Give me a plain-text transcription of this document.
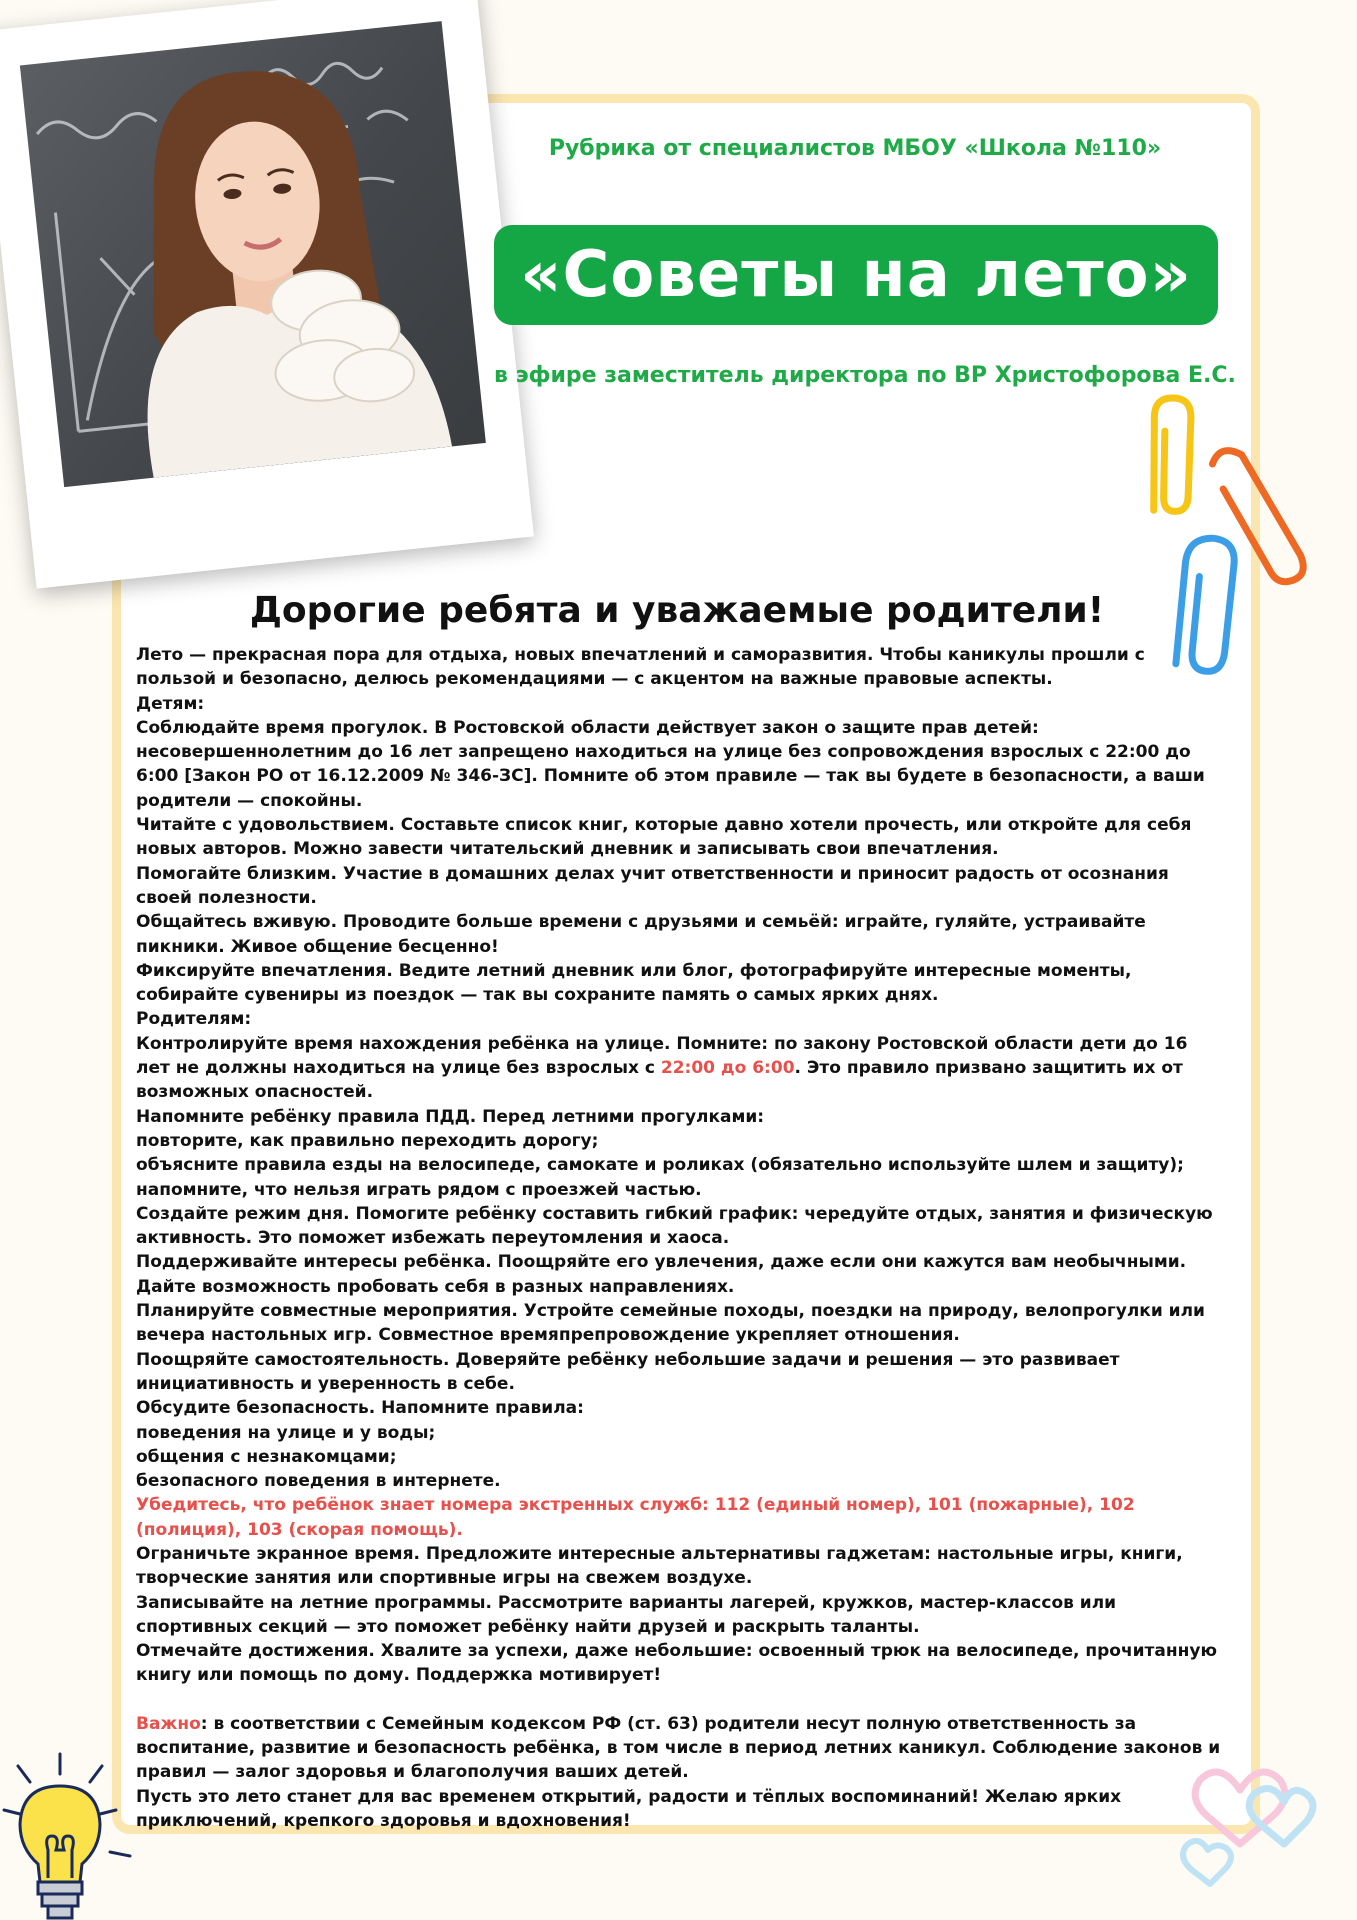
Рубрика от специалистов МБОУ «Школа №110»
«Советы на лето»
в эфире заместитель директора по ВР Христофорова Е.С.
Дорогие ребята и уважаемые родители!
Лето — прекрасная пора для отдыха, новых впечатлений и саморазвития. Чтобы каникулы прошли с пользой и безопасно, делюсь рекомендациями — с акцентом на важные правовые аспекты.
Детям:
Соблюдайте время прогулок. В Ростовской области действует закон о защите прав детей: несовершеннолетним до 16 лет запрещено находиться на улице без сопровождения взрослых с 22:00 до 6:00 [Закон РО от 16.12.2009 № 346-ЗС]. Помните об этом правиле — так вы будете в безопасности, а ваши родители — спокойны.
Читайте с удовольствием. Составьте список книг, которые давно хотели прочесть, или откройте для себя новых авторов. Можно завести читательский дневник и записывать свои впечатления.
Помогайте близким. Участие в домашних делах учит ответственности и приносит радость от осознания своей полезности.
Общайтесь вживую. Проводите больше времени с друзьями и семьёй: играйте, гуляйте, устраивайте пикники. Живое общение бесценно!
Фиксируйте впечатления. Ведите летний дневник или блог, фотографируйте интересные моменты, собирайте сувениры из поездок — так вы сохраните память о самых ярких днях.
Родителям:
Контролируйте время нахождения ребёнка на улице. Помните: по закону Ростовской области дети до 16 лет не должны находиться на улице без взрослых с 22:00 до 6:00. Это правило призвано защитить их от возможных опасностей.
Напомните ребёнку правила ПДД. Перед летними прогулками:
повторите, как правильно переходить дорогу;
объясните правила езды на велосипеде, самокате и роликах (обязательно используйте шлем и защиту);
напомните, что нельзя играть рядом с проезжей частью.
Создайте режим дня. Помогите ребёнку составить гибкий график: чередуйте отдых, занятия и физическую активность. Это поможет избежать переутомления и хаоса.
Поддерживайте интересы ребёнка. Поощряйте его увлечения, даже если они кажутся вам необычными. Дайте возможность пробовать себя в разных направлениях.
Планируйте совместные мероприятия. Устройте семейные походы, поездки на природу, велопрогулки или вечера настольных игр. Совместное времяпрепровождение укрепляет отношения.
Поощряйте самостоятельность. Доверяйте ребёнку небольшие задачи и решения — это развивает инициативность и уверенность в себе.
Обсудите безопасность. Напомните правила:
поведения на улице и у воды;
общения с незнакомцами;
безопасного поведения в интернете.
Убедитесь, что ребёнок знает номера экстренных служб: 112 (единый номер), 101 (пожарные), 102 (полиция), 103 (скорая помощь).
Ограничьте экранное время. Предложите интересные альтернативы гаджетам: настольные игры, книги, творческие занятия или спортивные игры на свежем воздухе.
Записывайте на летние программы. Рассмотрите варианты лагерей, кружков, мастер-классов или спортивных секций — это поможет ребёнку найти друзей и раскрыть таланты.
Отмечайте достижения. Хвалите за успехи, даже небольшие: освоенный трюк на велосипеде, прочитанную книгу или помощь по дому. Поддержка мотивирует!
Важно: в соответствии с Семейным кодексом РФ (ст. 63) родители несут полную ответственность за воспитание, развитие и безопасность ребёнка, в том числе в период летних каникул. Соблюдение законов и правил — залог здоровья и благополучия ваших детей.
Пусть это лето станет для вас временем открытий, радости и тёплых воспоминаний! Желаю ярких приключений, крепкого здоровья и вдохновения!
